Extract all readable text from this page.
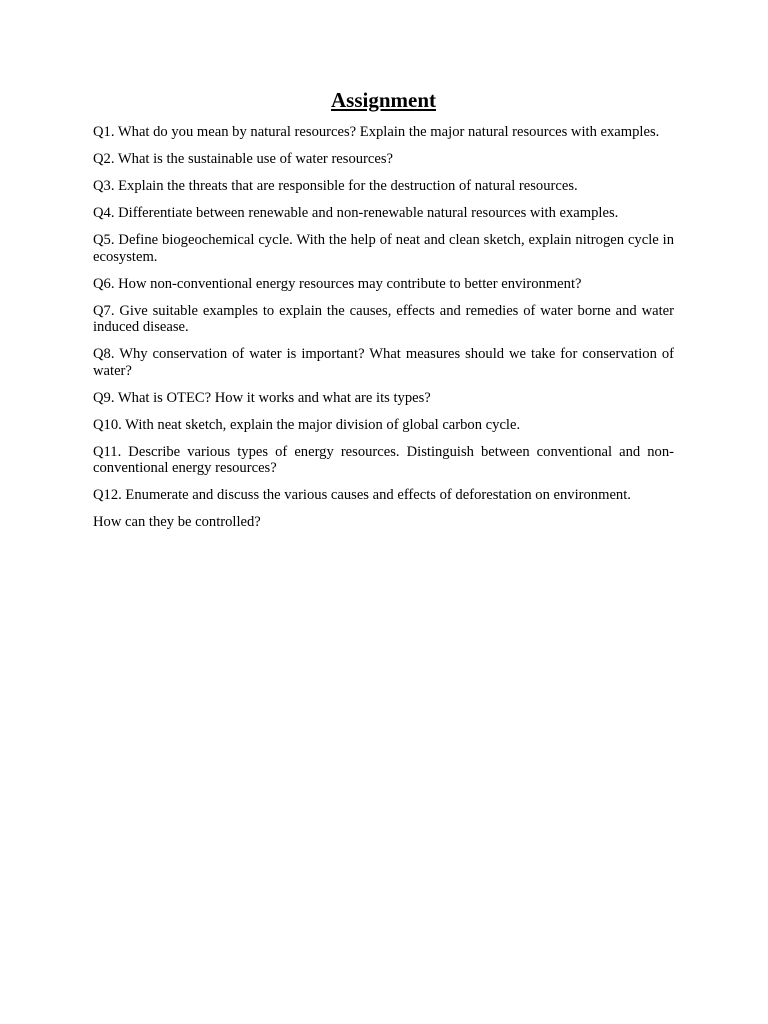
Assignment

Q1. What do you mean by natural resources? Explain the major natural resources with examples.

Q2. What is the sustainable use of water resources?

Q3. Explain the threats that are responsible for the destruction of natural resources.

Q4. Differentiate between renewable and non-renewable natural resources with examples.

Q5. Define biogeochemical cycle. With the help of neat and clean sketch, explain nitrogen cycle in ecosystem.

Q6. How non-conventional energy resources may contribute to better environment?

Q7. Give suitable examples to explain the causes, effects and remedies of water borne and water induced disease.

Q8. Why conservation of water is important? What measures should we take for conservation of water?

Q9. What is OTEC? How it works and what are its types?

Q10. With neat sketch, explain the major division of global carbon cycle.

Q11. Describe various types of energy resources. Distinguish between conventional and non-conventional energy resources?

Q12. Enumerate and discuss the various causes and effects of deforestation on environment.

How can they be controlled?
